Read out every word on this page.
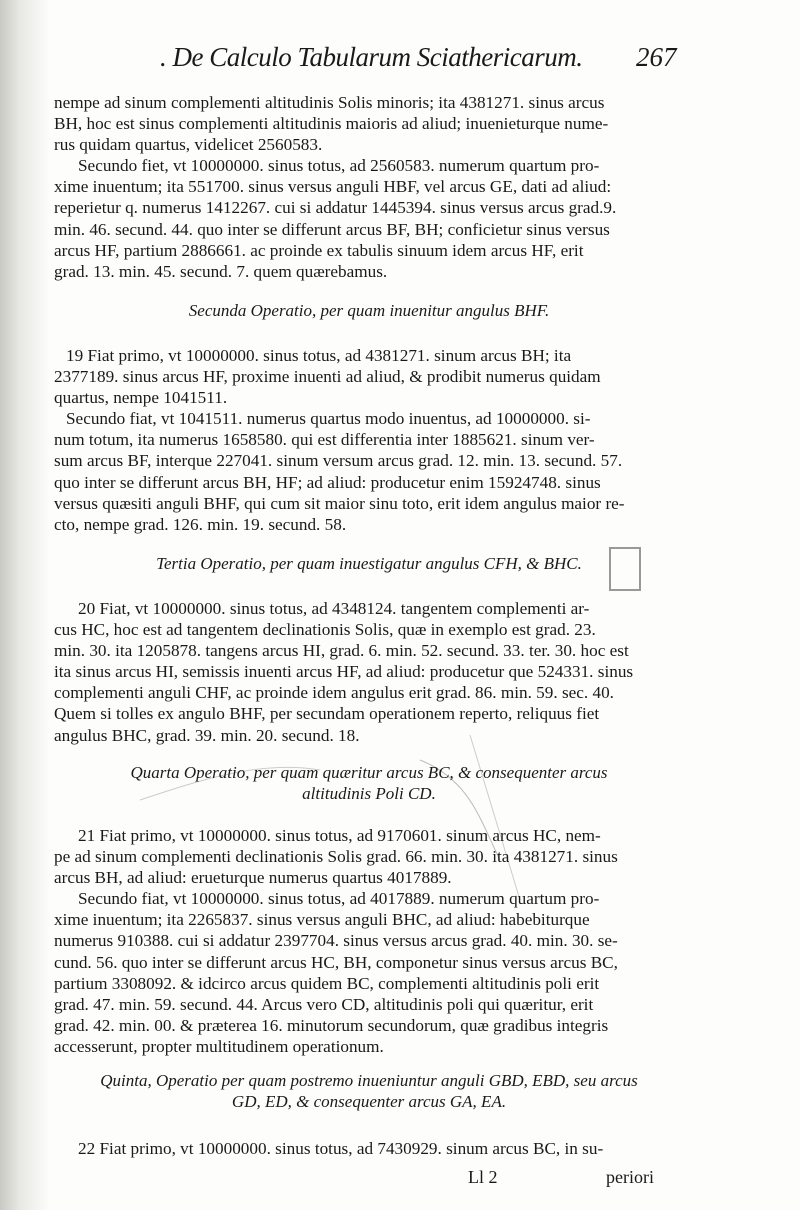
. De Calculo Tabularum Sciathericarum. 267
nempe ad sinum complementi altitudinis Solis minoris; ita 4381271. sinus arcus
BH, hoc est sinus complementi altitudinis maioris ad aliud; inuenieturque nume-
rus quidam quartus, videlicet 2560583.
Secundo fiet, vt 10000000. sinus totus, ad 2560583. numerum quartum pro-
xime inuentum; ita 551700. sinus versus anguli HBF, vel arcus GE, dati ad aliud:
reperietur q. numerus 1412267. cui si addatur 1445394. sinus versus arcus grad.9.
min. 46. secund. 44. quo inter se differunt arcus BF, BH; conficietur sinus versus
arcus HF, partium 2886661. ac proinde ex tabulis sinuum idem arcus HF, erit
grad. 13. min. 45. secund. 7. quem quærebamus.
Secunda Operatio, per quam inuenitur angulus BHF.
19 Fiat primo, vt 10000000. sinus totus, ad 4381271. sinum arcus BH; ita
2377189. sinus arcus HF, proxime inuenti ad aliud, & prodibit numerus quidam
quartus, nempe 1041511.
Secundo fiat, vt 1041511. numerus quartus modo inuentus, ad 10000000. si-
num totum, ita numerus 1658580. qui est differentia inter 1885621. sinum ver-
sum arcus BF, interque 227041. sinum versum arcus grad. 12. min. 13. secund. 57.
quo inter se differunt arcus BH, HF; ad aliud: producetur enim 15924748. sinus
versus quæsiti anguli BHF, qui cum sit maior sinu toto, erit idem angulus maior re-
cto, nempe grad. 126. min. 19. secund. 58.
Tertia Operatio, per quam inuestigatur angulus CFH, & BHC.
20 Fiat, vt 10000000. sinus totus, ad 4348124. tangentem complementi ar-
cus HC, hoc est ad tangentem declinationis Solis, quæ in exemplo est grad. 23.
min. 30. ita 1205878. tangens arcus HI, grad. 6. min. 52. secund. 33. ter. 30. hoc est
ita sinus arcus HI, semissis inuenti arcus HF, ad aliud: producetur que 524331. sinus
complementi anguli CHF, ac proinde idem angulus erit grad. 86. min. 59. sec. 40.
Quem si tolles ex angulo BHF, per secundam operationem reperto, reliquus fiet
angulus BHC, grad. 39. min. 20. secund. 18.
Quarta Operatio, per quam quæritur arcus BC, & consequenter arcus
altitudinis Poli CD.
21 Fiat primo, vt 10000000. sinus totus, ad 9170601. sinum arcus HC, nem-
pe ad sinum complementi declinationis Solis grad. 66. min. 30. ita 4381271. sinus
arcus BH, ad aliud: erueturque numerus quartus 4017889.
Secundo fiat, vt 10000000. sinus totus, ad 4017889. numerum quartum pro-
xime inuentum; ita 2265837. sinus versus anguli BHC, ad aliud: habebiturque
numerus 910388. cui si addatur 2397704. sinus versus arcus grad. 40. min. 30. se-
cund. 56. quo inter se differunt arcus HC, BH, componetur sinus versus arcus BC,
partium 3308092. & idcirco arcus quidem BC, complementi altitudinis poli erit
grad. 47. min. 59. secund. 44. Arcus vero CD, altitudinis poli qui quæritur, erit
grad. 42. min. 00. & præterea 16. minutorum secundorum, quæ gradibus integris
accesserunt, propter multitudinem operationum.
Quinta, Operatio per quam postremo inueniuntur anguli GBD, EBD, seu arcus
GD, ED, & consequenter arcus GA, EA.
22 Fiat primo, vt 10000000. sinus totus, ad 7430929. sinum arcus BC, in su-
Ll 2	periori
